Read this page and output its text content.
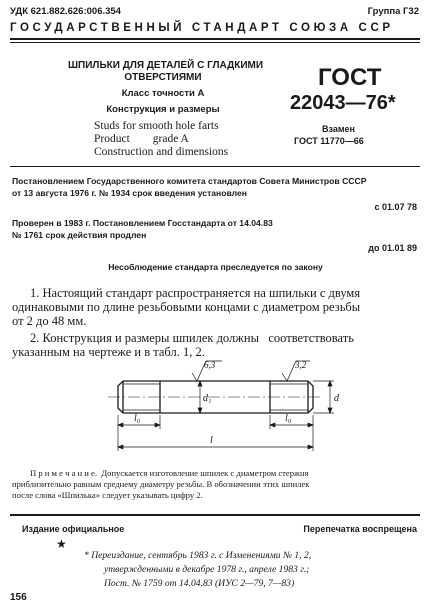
УДК 621.882.626:006.354	Группа Г32
ГОСУДАРСТВЕННЫЙ СТАНДАРТ СОЮЗА ССР
ШПИЛЬКИ ДЛЯ ДЕТАЛЕЙ С ГЛАДКИМИ
ОТВЕРСТИЯМИ
Класс точности А
Конструкция и размеры
Studs for smooth hole farts
Product        grade A
Construction and dimensions
ГОСТ
22043—76*
Взамен
ГОСТ 11770—66
Постановлением Государственного комитета стандартов Совета Министров СССР
от 13 августа 1976 г. № 1934 срок введения установлен
с 01.07 78
Проверен в 1983 г. Постановлением Госстандарта от 14.04.83
№ 1761 срок действия продлен
до 01.01 89
Несоблюдение стандарта преследуется по закону
1. Настоящий стандарт распространяется на шпильки с двумя
одинаковыми по длине резьбовыми концами с диаметром резьбы
от 2 до 48 мм.
2. Конструкция и размеры шпилек должны   соответствовать
указанным на чертеже и в табл. 1, 2.
6,3	3,2
d₁	d
l₀	l₀
l
П р и м е ч а н и е.  Допускается изготовление шпилек с диаметром стержня
приблизительно равным среднему диаметру резьбы. В обозначении этих шпилек
после слова «Шпилька» следует указывать цифру 2.
Издание официальное	Перепечатка воспрещена
★
* Переиздание, сентябрь 1983 г. с Изменениями № 1, 2,
утвержденными в декабре 1978 г., апреле 1983 г.;
Пост. № 1759 от 14.04.83 (ИУС 2—79, 7—83)
156
